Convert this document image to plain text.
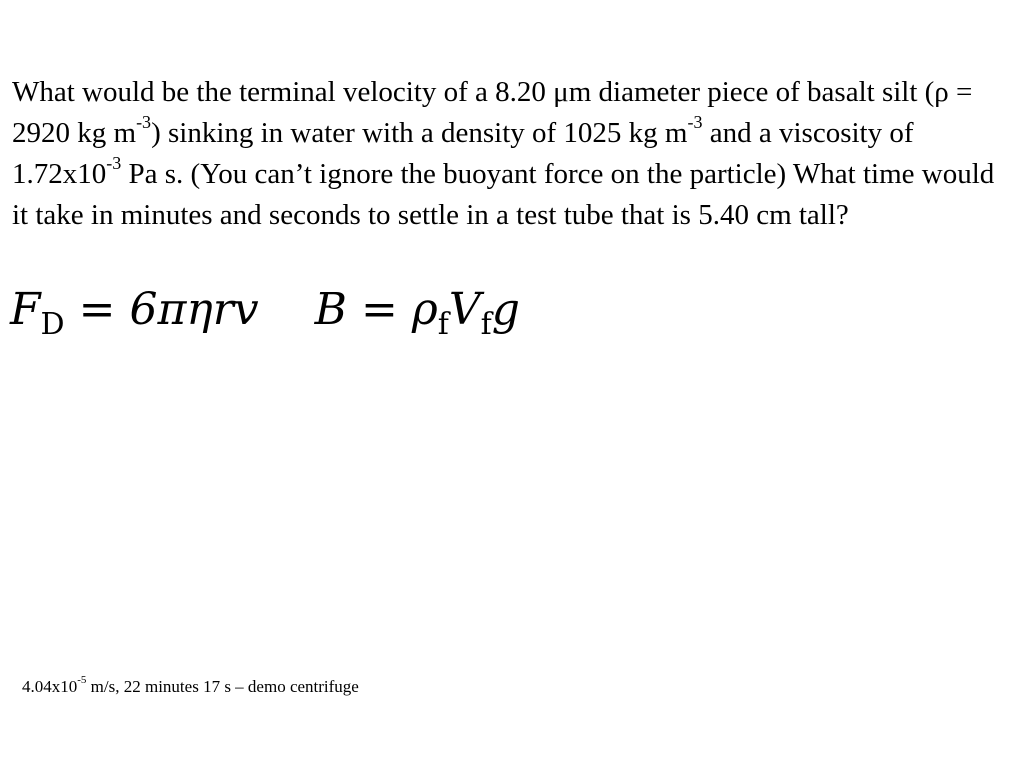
What would be the terminal velocity of a 8.20 μm diameter piece of basalt silt (ρ = 2920 kg $m^{-3}$) sinking in water with a density of 1025 kg $m^{-3}$ and a viscosity of $1.72x10^{-3}$ Pa s. (You can’t ignore the buoyant force on the particle) What time would it take in minutes and seconds to settle in a test tube that is 5.40 cm tall?

$F_D = 6\pi\eta rv$ $B = \rho_fV_fg$
$4.04x10^{-5}$ m/s, 22 minutes 17 s – demo centrifuge
